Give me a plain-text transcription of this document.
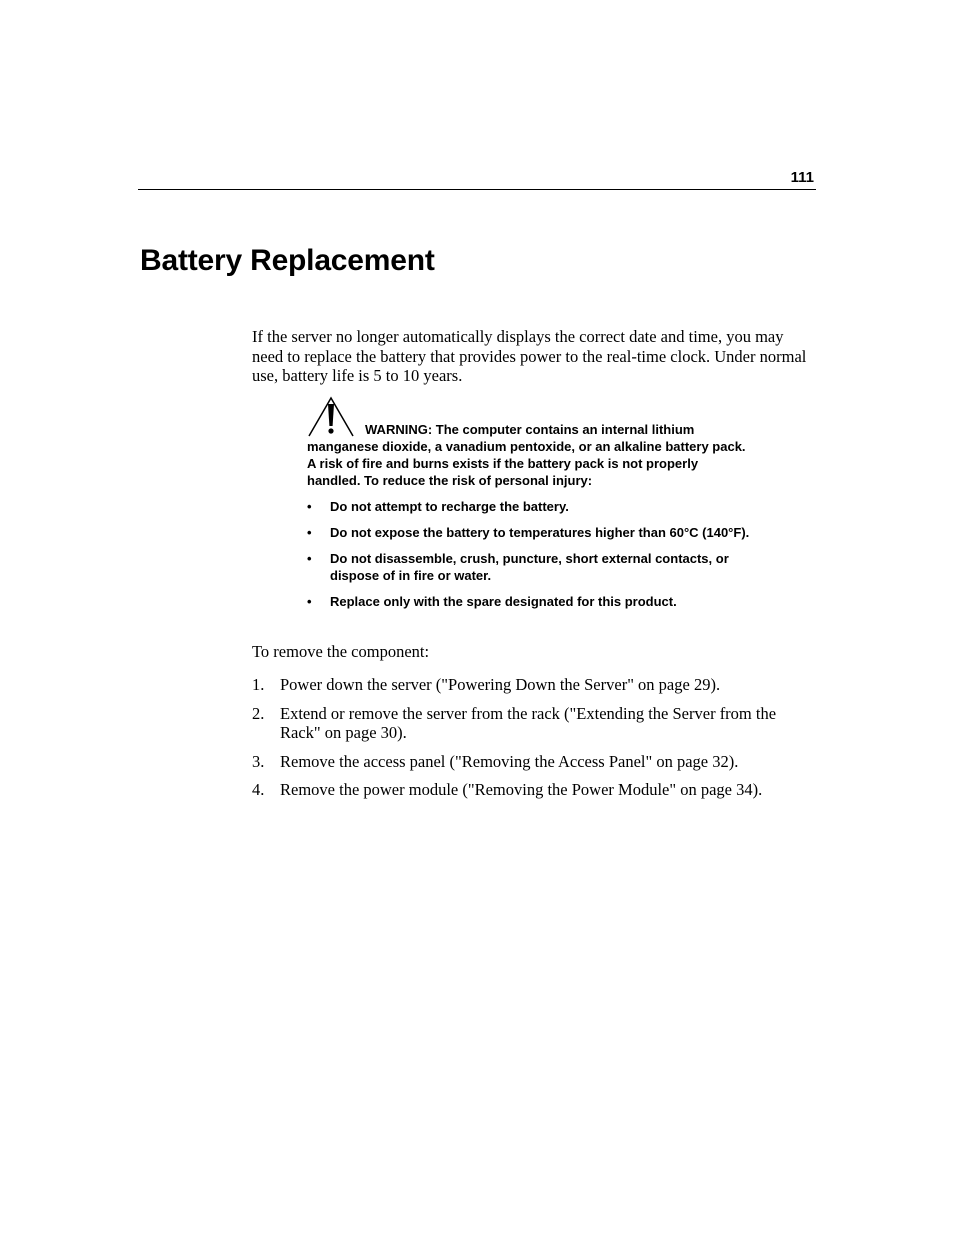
111
Battery Replacement

If the server no longer automatically displays the correct date and time, you may need to replace the battery that provides power to the real-time clock. Under normal use, battery life is 5 to 10 years.

WARNING: The computer contains an internal lithium manganese dioxide, a vanadium pentoxide, or an alkaline battery pack. A risk of fire and burns exists if the battery pack is not properly handled. To reduce the risk of personal injury:

• Do not attempt to recharge the battery.
• Do not expose the battery to temperatures higher than 60°C (140°F).
• Do not disassemble, crush, puncture, short external contacts, or dispose of in fire or water.
• Replace only with the spare designated for this product.

To remove the component:

1. Power down the server ("Powering Down the Server" on page 29).
2. Extend or remove the server from the rack ("Extending the Server from the Rack" on page 30).
3. Remove the access panel ("Removing the Access Panel" on page 32).
4. Remove the power module ("Removing the Power Module" on page 34).
